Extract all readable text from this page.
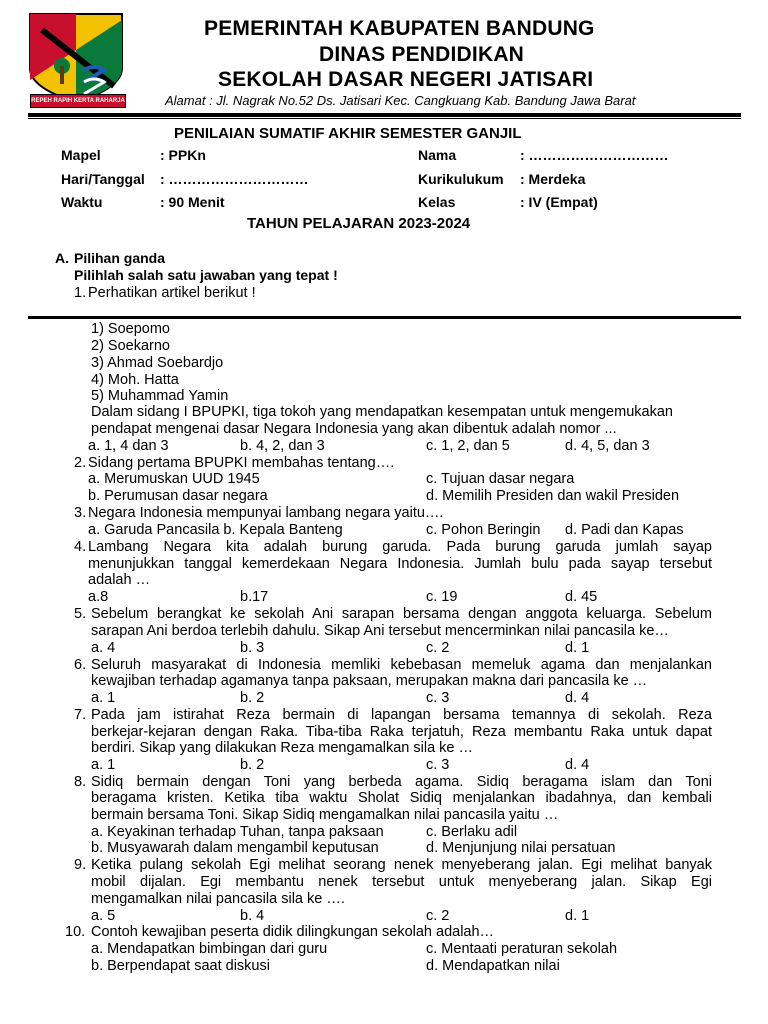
REPEH RAPIH KERTA RAHARJA
PEMERINTAH KABUPATEN BANDUNG
DINAS PENDIDIKAN
SEKOLAH DASAR NEGERI JATISARI
Alamat : Jl. Nagrak No.52 Ds. Jatisari Kec. Cangkuang Kab. Bandung Jawa Barat
PENILAIAN SUMATIF AKHIR SEMESTER GANJIL
Mapel	: PPKn	Nama	: …………………………
Hari/Tanggal : …………………………	Kurikulukum : Merdeka
Waktu	: 90 Menit	Kelas	: IV (Empat)
TAHUN PELAJARAN 2023-2024
A. Pilihan ganda
Pilihlah salah satu jawaban yang tepat !
1. Perhatikan artikel berikut !
1) Soepomo
2) Soekarno
3) Ahmad Soebardjo
4) Moh. Hatta
5) Muhammad Yamin
Dalam sidang I BPUPKI, tiga tokoh yang mendapatkan kesempatan untuk mengemukakan
pendapat mengenai dasar Negara Indonesia yang akan dibentuk adalah nomor ...
a. 1, 4 dan 3	b. 4, 2, dan 3	c. 1, 2, dan 5	d. 4, 5, dan 3
2. Sidang pertama BPUPKI membahas tentang….
a. Merumuskan UUD 1945	c. Tujuan dasar negara
b. Perumusan dasar negara	d. Memilih Presiden dan wakil Presiden
3. Negara Indonesia mempunyai lambang negara yaitu….
a. Garuda Pancasila b. Kepala Banteng	c. Pohon Beringin d. Padi dan Kapas
4. Lambang Negara kita adalah burung garuda. Pada burung garuda jumlah sayap
menunjukkan tanggal kemerdekaan Negara Indonesia. Jumlah bulu pada sayap tersebut
adalah …
a.8	b.17	c. 19	d. 45
5. Sebelum berangkat ke sekolah Ani sarapan bersama dengan anggota keluarga. Sebelum
sarapan Ani berdoa terlebih dahulu. Sikap Ani tersebut mencerminkan nilai pancasila ke…
a. 4	b. 3	c. 2	d. 1
6. Seluruh masyarakat di Indonesia memliki kebebasan memeluk agama dan menjalankan
kewajiban terhadap agamanya tanpa paksaan, merupakan makna dari pancasila ke …
a. 1	b. 2	c. 3	d. 4
7. Pada jam istirahat Reza bermain di lapangan bersama temannya di sekolah. Reza
berkejar-kejaran dengan Raka. Tiba-tiba Raka terjatuh, Reza membantu Raka untuk dapat
berdiri. Sikap yang dilakukan Reza mengamalkan sila ke …
a. 1	b. 2	c. 3	d. 4
8. Sidiq bermain dengan Toni yang berbeda agama. Sidiq beragama islam dan Toni
beragama kristen. Ketika tiba waktu Sholat Sidiq menjalankan ibadahnya, dan kembali
bermain bersama Toni. Sikap Sidiq mengamalkan nilai pancasila yaitu …
a. Keyakinan terhadap Tuhan, tanpa paksaan	c. Berlaku adil
b. Musyawarah dalam mengambil keputusan	d. Menjunjung nilai persatuan
9. Ketika pulang sekolah Egi melihat seorang nenek menyeberang jalan. Egi melihat banyak
mobil dijalan. Egi membantu nenek tersebut untuk menyeberang jalan. Sikap Egi
mengamalkan nilai pancasila sila ke ….
a. 5	b. 4	c. 2	d. 1
10. Contoh kewajiban peserta didik dilingkungan sekolah adalah…
a. Mendapatkan bimbingan dari guru	c. Mentaati peraturan sekolah
b. Berpendapat saat diskusi	d. Mendapatkan nilai
